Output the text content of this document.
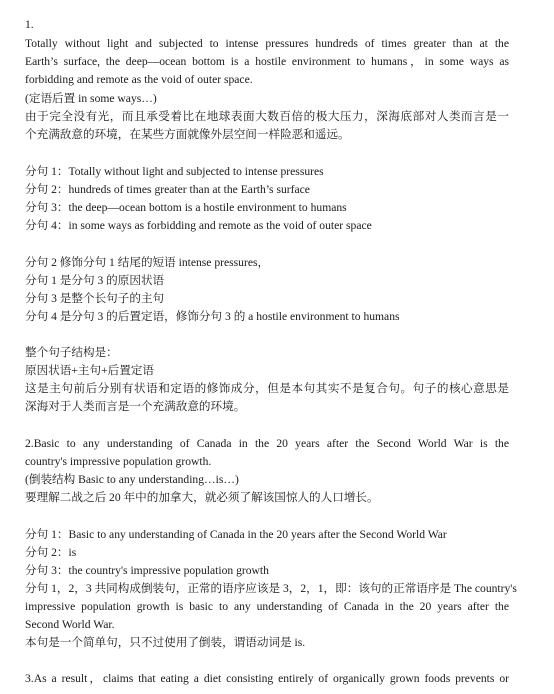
1.
Totally without light and subjected to intense pressures hundreds of times greater than at the
Earth’s surface, the deep—ocean bottom is a hostile environment to humans，in some ways as
forbidding and remote as the void of outer space.
(定语后置 in some ways…)
由于完全没有光，而且承受着比在地球表面大数百倍的极大压力，深海底部对人类而言是一
个充满敌意的环境，在某些方面就像外层空间一样险恶和遥远。
分句 1：Totally without light and subjected to intense pressures
分句 2：hundreds of times greater than at the Earth’s surface
分句 3：the deep—ocean bottom is a hostile environment to humans
分句 4：in some ways as forbidding and remote as the void of outer space
分句 2 修饰分句 1 结尾的短语 intense pressures，
分句 1 是分句 3 的原因状语
分句 3 是整个长句子的主句
分句 4 是分句 3 的后置定语，修饰分句 3 的 a hostile environment to humans
整个句子结构是：
原因状语+主句+后置定语
这是主句前后分别有状语和定语的修饰成分，但是本句其实不是复合句。句子的核心意思是
深海对于人类而言是一个充满敌意的环境。
2.Basic to any understanding of Canada in the 20 years after the Second World War is the
country's impressive population growth.
(倒装结构 Basic to any understanding…is…)
要理解二战之后 20 年中的加拿大，就必须了解该国惊人的人口增长。
分句 1：Basic to any understanding of Canada in the 20 years after the Second World War
分句 2：is
分句 3：the country's impressive population growth
分句 1，2，3 共同构成倒装句，正常的语序应该是 3，2，1，即：该句的正常语序是 The country's
impressive population growth is basic to any understanding of Canada in the 20 years after the
Second World War.
本句是一个简单句，只不过使用了倒装，谓语动词是 is.
3.As a result，claims that eating a diet consisting entirely of organically grown foods prevents or
